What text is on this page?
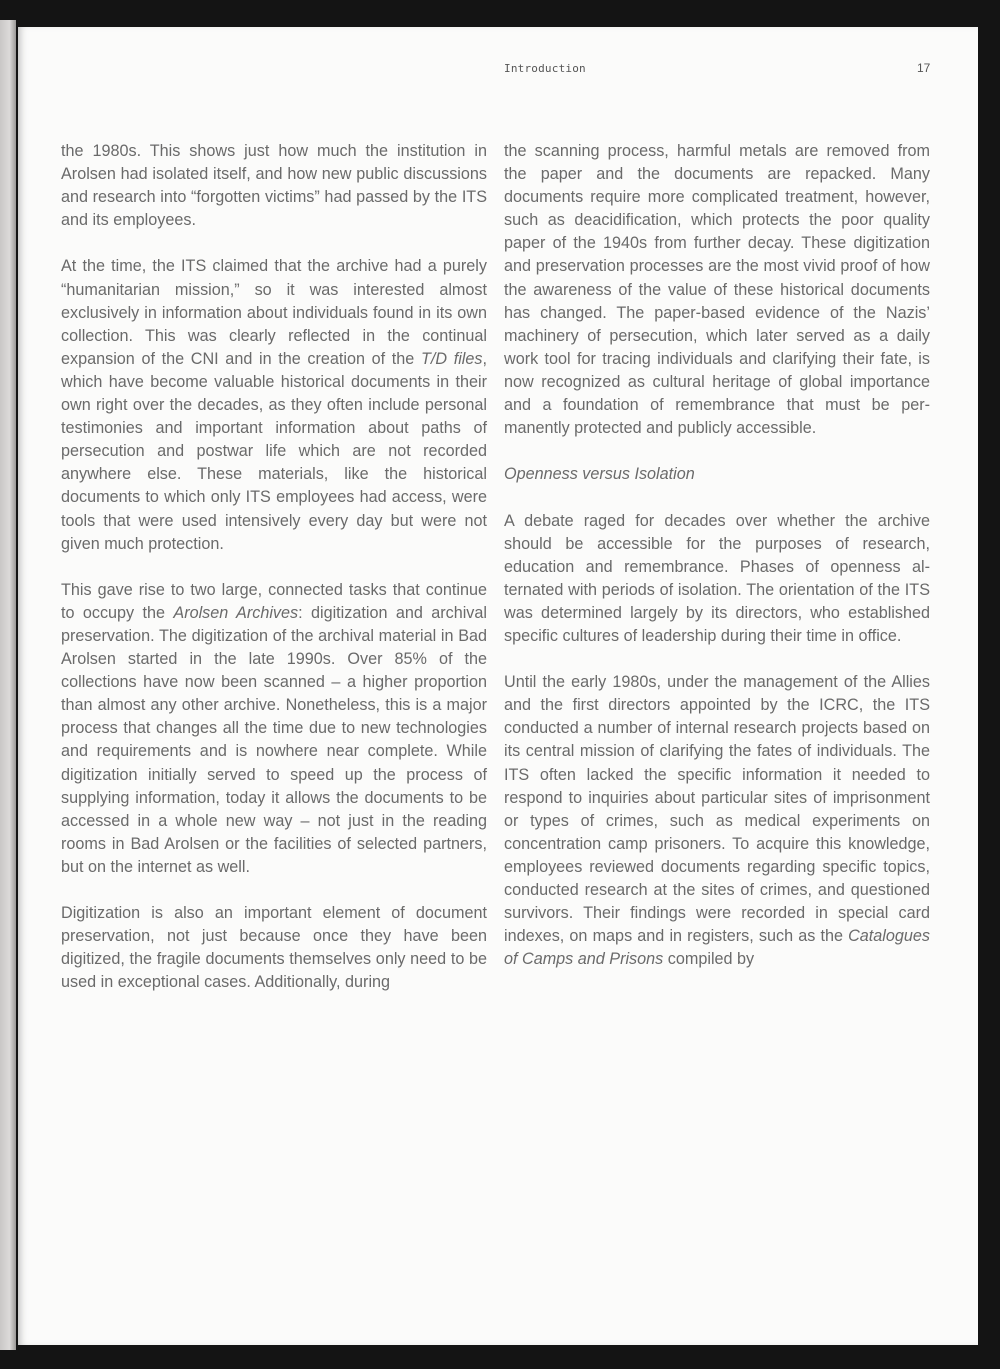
Introduction	17

the 1980s. This shows just how much the institution in Arolsen had isolated itself, and how new public discussions and research into “forgotten victims” had passed by the ITS and its employees.

At the time, the ITS claimed that the archive had a purely “humanitarian mission,” so it was interested almost exclusively in information about individuals found in its own collection. This was clearly reflected in the continual expansion of the CNI and in the creation of the T/D files, which have become valuable historical documents in their own right over the decades, as they often include personal testimonies and important information about paths of persecution and postwar life which are not recorded anywhere else. These materials, like the historical documents to which only ITS employees had access, were tools that were used intensively every day but were not given much protection.

This gave rise to two large, connected tasks that continue to occupy the Arolsen Archives: digitization and archival preservation. The digitization of the archival material in Bad Arolsen started in the late 1990s. Over 85% of the collections have now been scanned – a higher proportion than almost any other archive. Nonetheless, this is a major process that changes all the time due to new technologies and requirements and is nowhere near complete. While digitization initially served to speed up the process of supplying information, today it allows the documents to be accessed in a whole new way – not just in the reading rooms in Bad Arolsen or the facilities of selected partners, but on the internet as well.

Digitization is also an important element of document preservation, not just because once they have been digitized, the fragile documents themselves only need to be used in exceptional cases. Additionally, during

the scanning process, harmful metals are removed from the paper and the documents are repacked. Many documents require more complicated treatment, however, such as deacidification, which protects the poor quality paper of the 1940s from further decay. These digitization and preservation processes are the most vivid proof of how the awareness of the value of these historical documents has changed. The paper-based evidence of the Nazis’ machinery of persecution, which later served as a daily work tool for tracing individuals and clarifying their fate, is now recognized as cultural heritage of global importance and a foundation of remembrance that must be permanently protected and publicly accessible.

Openness versus Isolation

A debate raged for decades over whether the archive should be accessible for the purposes of research, education and remembrance. Phases of openness alternated with periods of isolation. The orientation of the ITS was determined largely by its directors, who established specific cultures of leadership during their time in office.

Until the early 1980s, under the management of the Allies and the first directors appointed by the ICRC, the ITS conducted a number of internal research projects based on its central mission of clarifying the fates of individuals. The ITS often lacked the specific information it needed to respond to inquiries about particular sites of imprisonment or types of crimes, such as medical experiments on concentration camp prisoners. To acquire this knowledge, employees reviewed documents regarding specific topics, conducted research at the sites of crimes, and questioned survivors. Their findings were recorded in special card indexes, on maps and in registers, such as the Catalogues of Camps and Prisons compiled by
